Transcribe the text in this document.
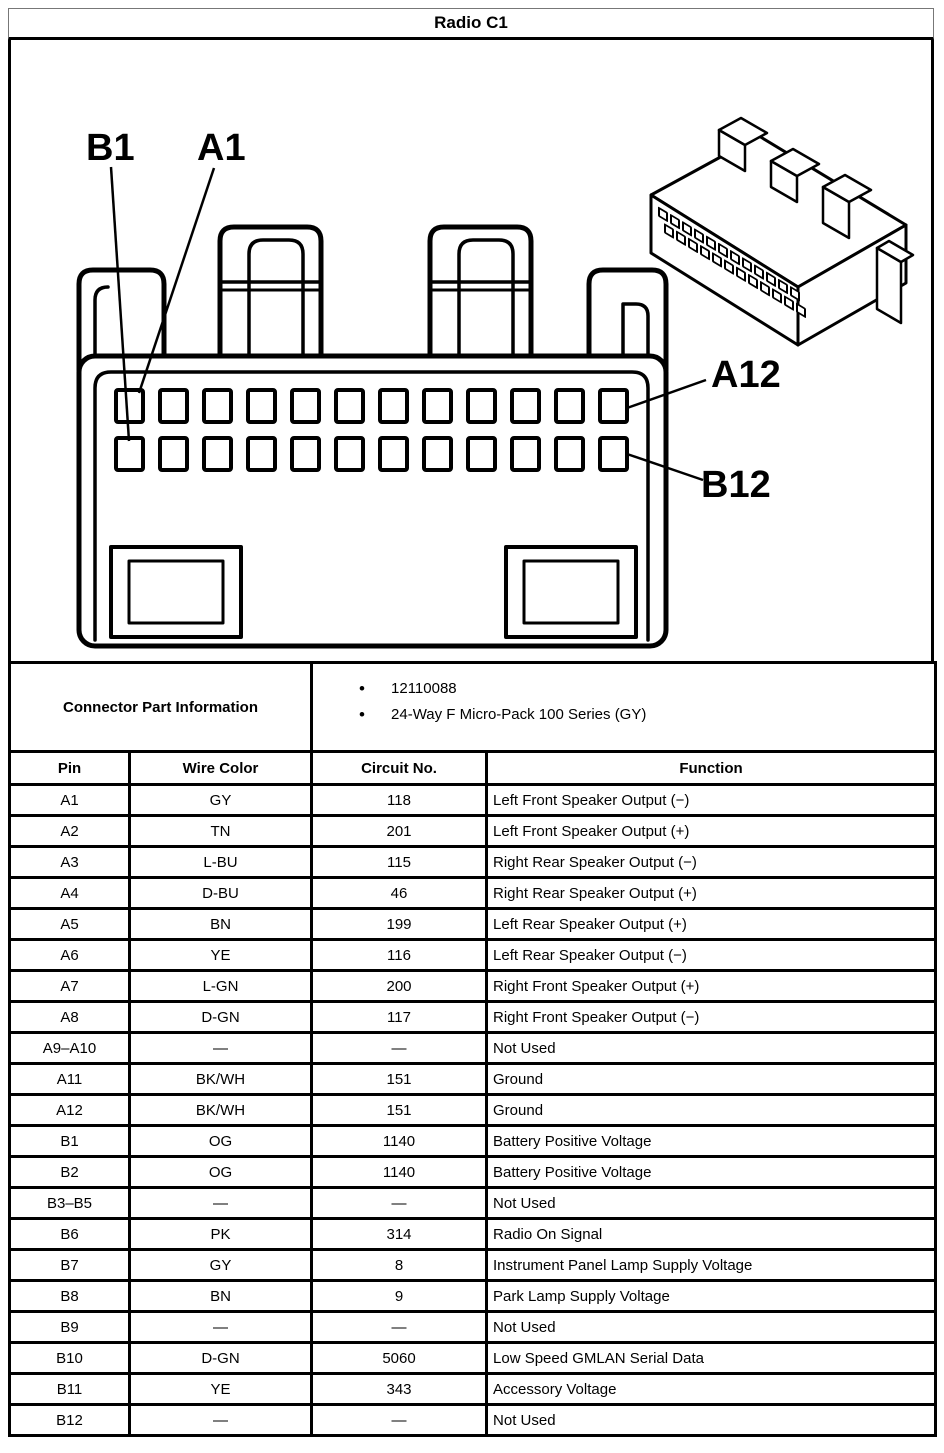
Radio C1
B1 A1
A12
B12
Connector Part Information	
• 12110088
• 24-Way F Micro-Pack 100 Series (GY)

Pin	Wire Color	Circuit No.	Function
A1	GY	118	Left Front Speaker Output (−)
A2	TN	201	Left Front Speaker Output (+)
A3	L-BU	115	Right Rear Speaker Output (−)
A4	D-BU	46	Right Rear Speaker Output (+)
A5	BN	199	Left Rear Speaker Output (+)
A6	YE	116	Left Rear Speaker Output (−)
A7	L-GN	200	Right Front Speaker Output (+)
A8	D-GN	117	Right Front Speaker Output (−)
A9–A10	—	—	Not Used
A11	BK/WH	151	Ground
A12	BK/WH	151	Ground
B1	OG	1140	Battery Positive Voltage
B2	OG	1140	Battery Positive Voltage
B3–B5	—	—	Not Used
B6	PK	314	Radio On Signal
B7	GY	8	Instrument Panel Lamp Supply Voltage
B8	BN	9	Park Lamp Supply Voltage
B9	—	—	Not Used
B10	D-GN	5060	Low Speed GMLAN Serial Data
B11	YE	343	Accessory Voltage
B12	—	—	Not Used
